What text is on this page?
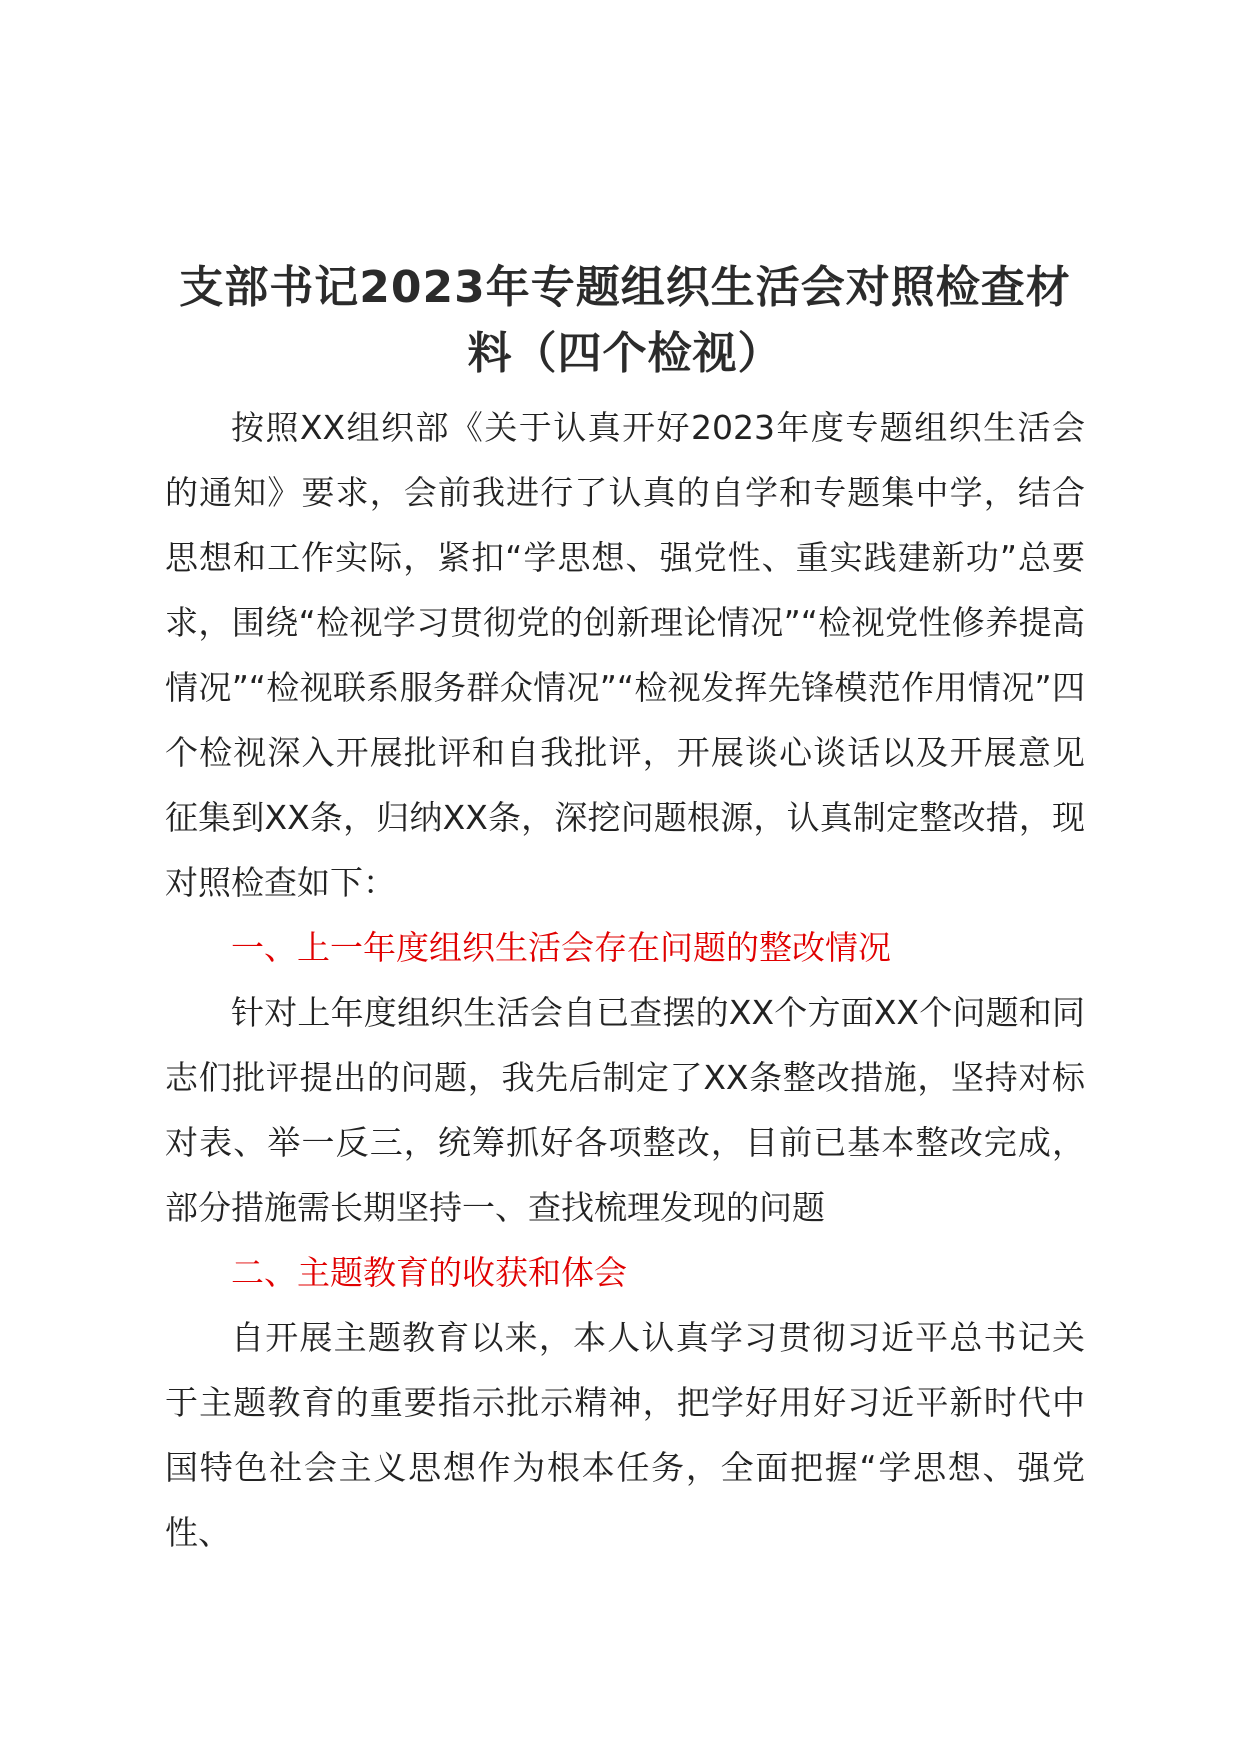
支部书记2023年专题组织生活会对照检查材料（四个检视）

按照XX组织部《关于认真开好2023年度专题组织生活会的通知》要求，会前我进行了认真的自学和专题集中学，结合思想和工作实际，紧扣“学思想、强党性、重实践建新功”总要求，围绕“检视学习贯彻党的创新理论情况”“检视党性修养提高情况”“检视联系服务群众情况”“检视发挥先锋模范作用情况”四个检视深入开展批评和自我批评，开展谈心谈话以及开展意见征集到XX条，归纳XX条，深挖问题根源，认真制定整改措，现对照检查如下：

一、上一年度组织生活会存在问题的整改情况

针对上年度组织生活会自已查摆的XX个方面XX个问题和同志们批评提出的问题，我先后制定了XX条整改措施，坚持对标对表、举一反三，统筹抓好各项整改，目前已基本整改完成，部分措施需长期坚持一、查找梳理发现的问题

二、主题教育的收获和体会

自开展主题教育以来，本人认真学习贯彻习近平总书记关于主题教育的重要指示批示精神，把学好用好习近平新时代中国特色社会主义思想作为根本任务，全面把握“学思想、强党性、
